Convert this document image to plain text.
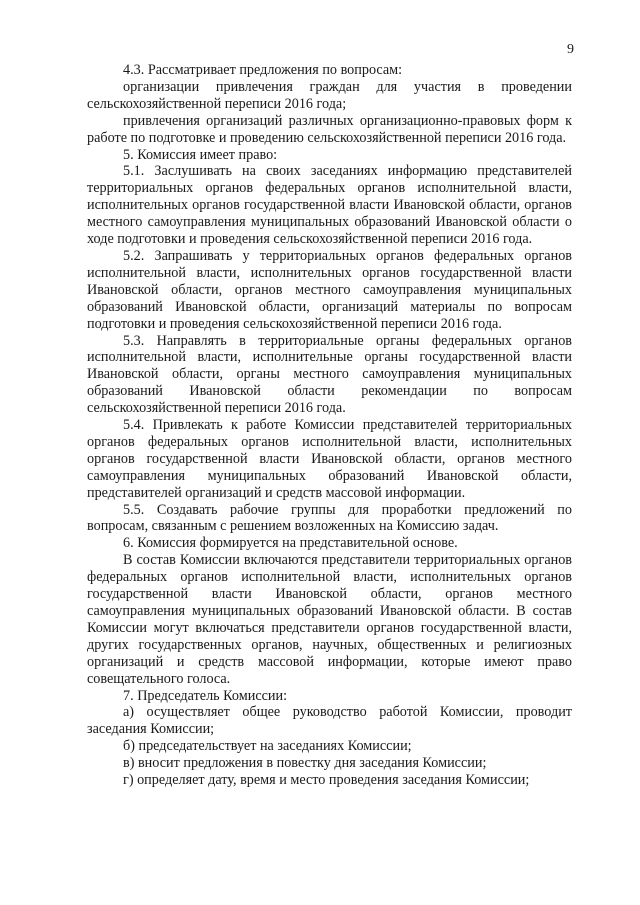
9

4.3. Рассматривает предложения по вопросам:

организации привлечения граждан для участия в проведении сельскохозяйственной переписи 2016 года;

привлечения организаций различных организационно-правовых форм к работе по подготовке и проведению сельскохозяйственной переписи 2016 года.

5. Комиссия имеет право:

5.1. Заслушивать на своих заседаниях информацию представителей территориальных органов федеральных органов исполнительной власти, исполнительных органов государственной власти Ивановской области, органов местного самоуправления муниципальных образований Ивановской области о ходе подготовки и проведения сельскохозяйственной переписи 2016 года.

5.2. Запрашивать у территориальных органов федеральных органов исполнительной власти, исполнительных органов государственной власти Ивановской области, органов местного самоуправления муниципальных образований Ивановской области, организаций материалы по вопросам подготовки и проведения сельскохозяйственной переписи 2016 года.

5.3. Направлять в территориальные органы федеральных органов исполнительной власти, исполнительные органы государственной власти Ивановской области, органы местного самоуправления муниципальных образований Ивановской области рекомендации по вопросам сельскохозяйственной переписи 2016 года.

5.4. Привлекать к работе Комиссии представителей территориальных органов федеральных органов исполнительной власти, исполнительных органов государственной власти Ивановской области, органов местного самоуправления муниципальных образований Ивановской области, представителей организаций и средств массовой информации.

5.5. Создавать рабочие группы для проработки предложений по вопросам, связанным с решением возложенных на Комиссию задач.

6. Комиссия формируется на представительной основе.

В состав Комиссии включаются представители территориальных органов федеральных органов исполнительной власти, исполнительных органов государственной власти Ивановской области, органов местного самоуправления муниципальных образований Ивановской области. В состав Комиссии могут включаться представители органов государственной власти, других государственных органов, научных, общественных и религиозных организаций и средств массовой информации, которые имеют право совещательного голоса.

7. Председатель Комиссии:

а) осуществляет общее руководство работой Комиссии, проводит заседания Комиссии;

б) председательствует на заседаниях Комиссии;

в) вносит предложения в повестку дня заседания Комиссии;

г) определяет дату, время и место проведения заседания Комиссии;
